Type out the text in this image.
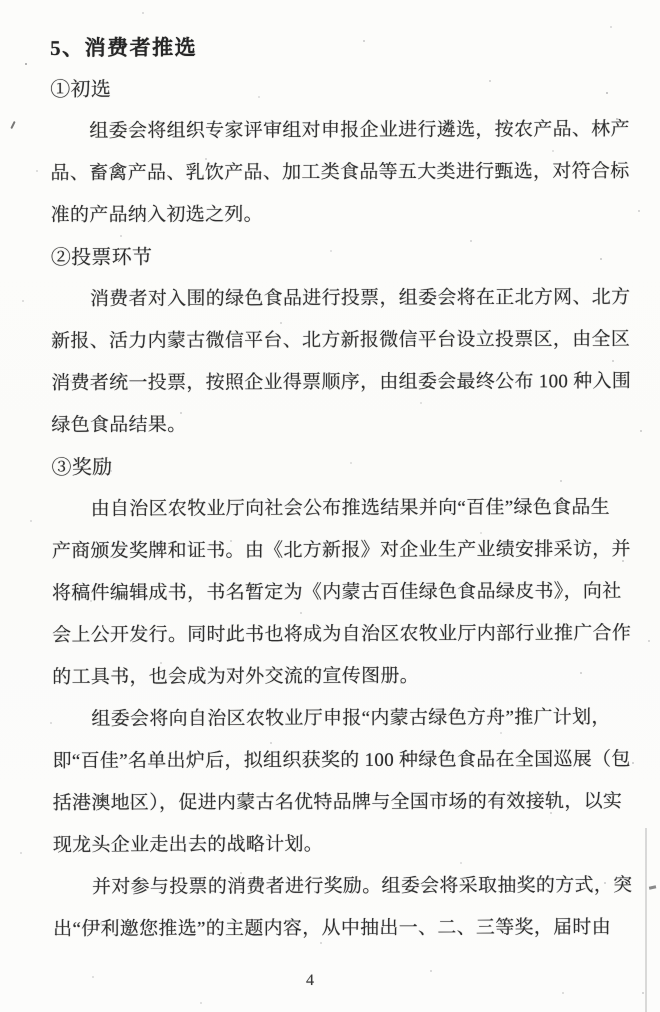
5、消费者推选
①初选
组委会将组织专家评审组对申报企业进行遴选，按农产品、林产
品、畜禽产品、乳饮产品、加工类食品等五大类进行甄选，对符合标
准的产品纳入初选之列。
②投票环节
消费者对入围的绿色食品进行投票，组委会将在正北方网、北方
新报、活力内蒙古微信平台、北方新报微信平台设立投票区，由全区
消费者统一投票，按照企业得票顺序，由组委会最终公布 100 种入围
绿色食品结果。
③奖励
由自治区农牧业厅向社会公布推选结果并向“百佳”绿色食品生
产商颁发奖牌和证书。由《北方新报》对企业生产业绩安排采访，并
将稿件编辑成书，书名暂定为《内蒙古百佳绿色食品绿皮书》，向社
会上公开发行。同时此书也将成为自治区农牧业厅内部行业推广合作
的工具书，也会成为对外交流的宣传图册。
组委会将向自治区农牧业厅申报“内蒙古绿色方舟”推广计划，
即“百佳”名单出炉后，拟组织获奖的 100 种绿色食品在全国巡展（包
括港澳地区），促进内蒙古名优特品牌与全国市场的有效接轨，以实
现龙头企业走出去的战略计划。
并对参与投票的消费者进行奖励。组委会将采取抽奖的方式，突
出“伊利邀您推选”的主题内容，从中抽出一、二、三等奖，届时由
4
